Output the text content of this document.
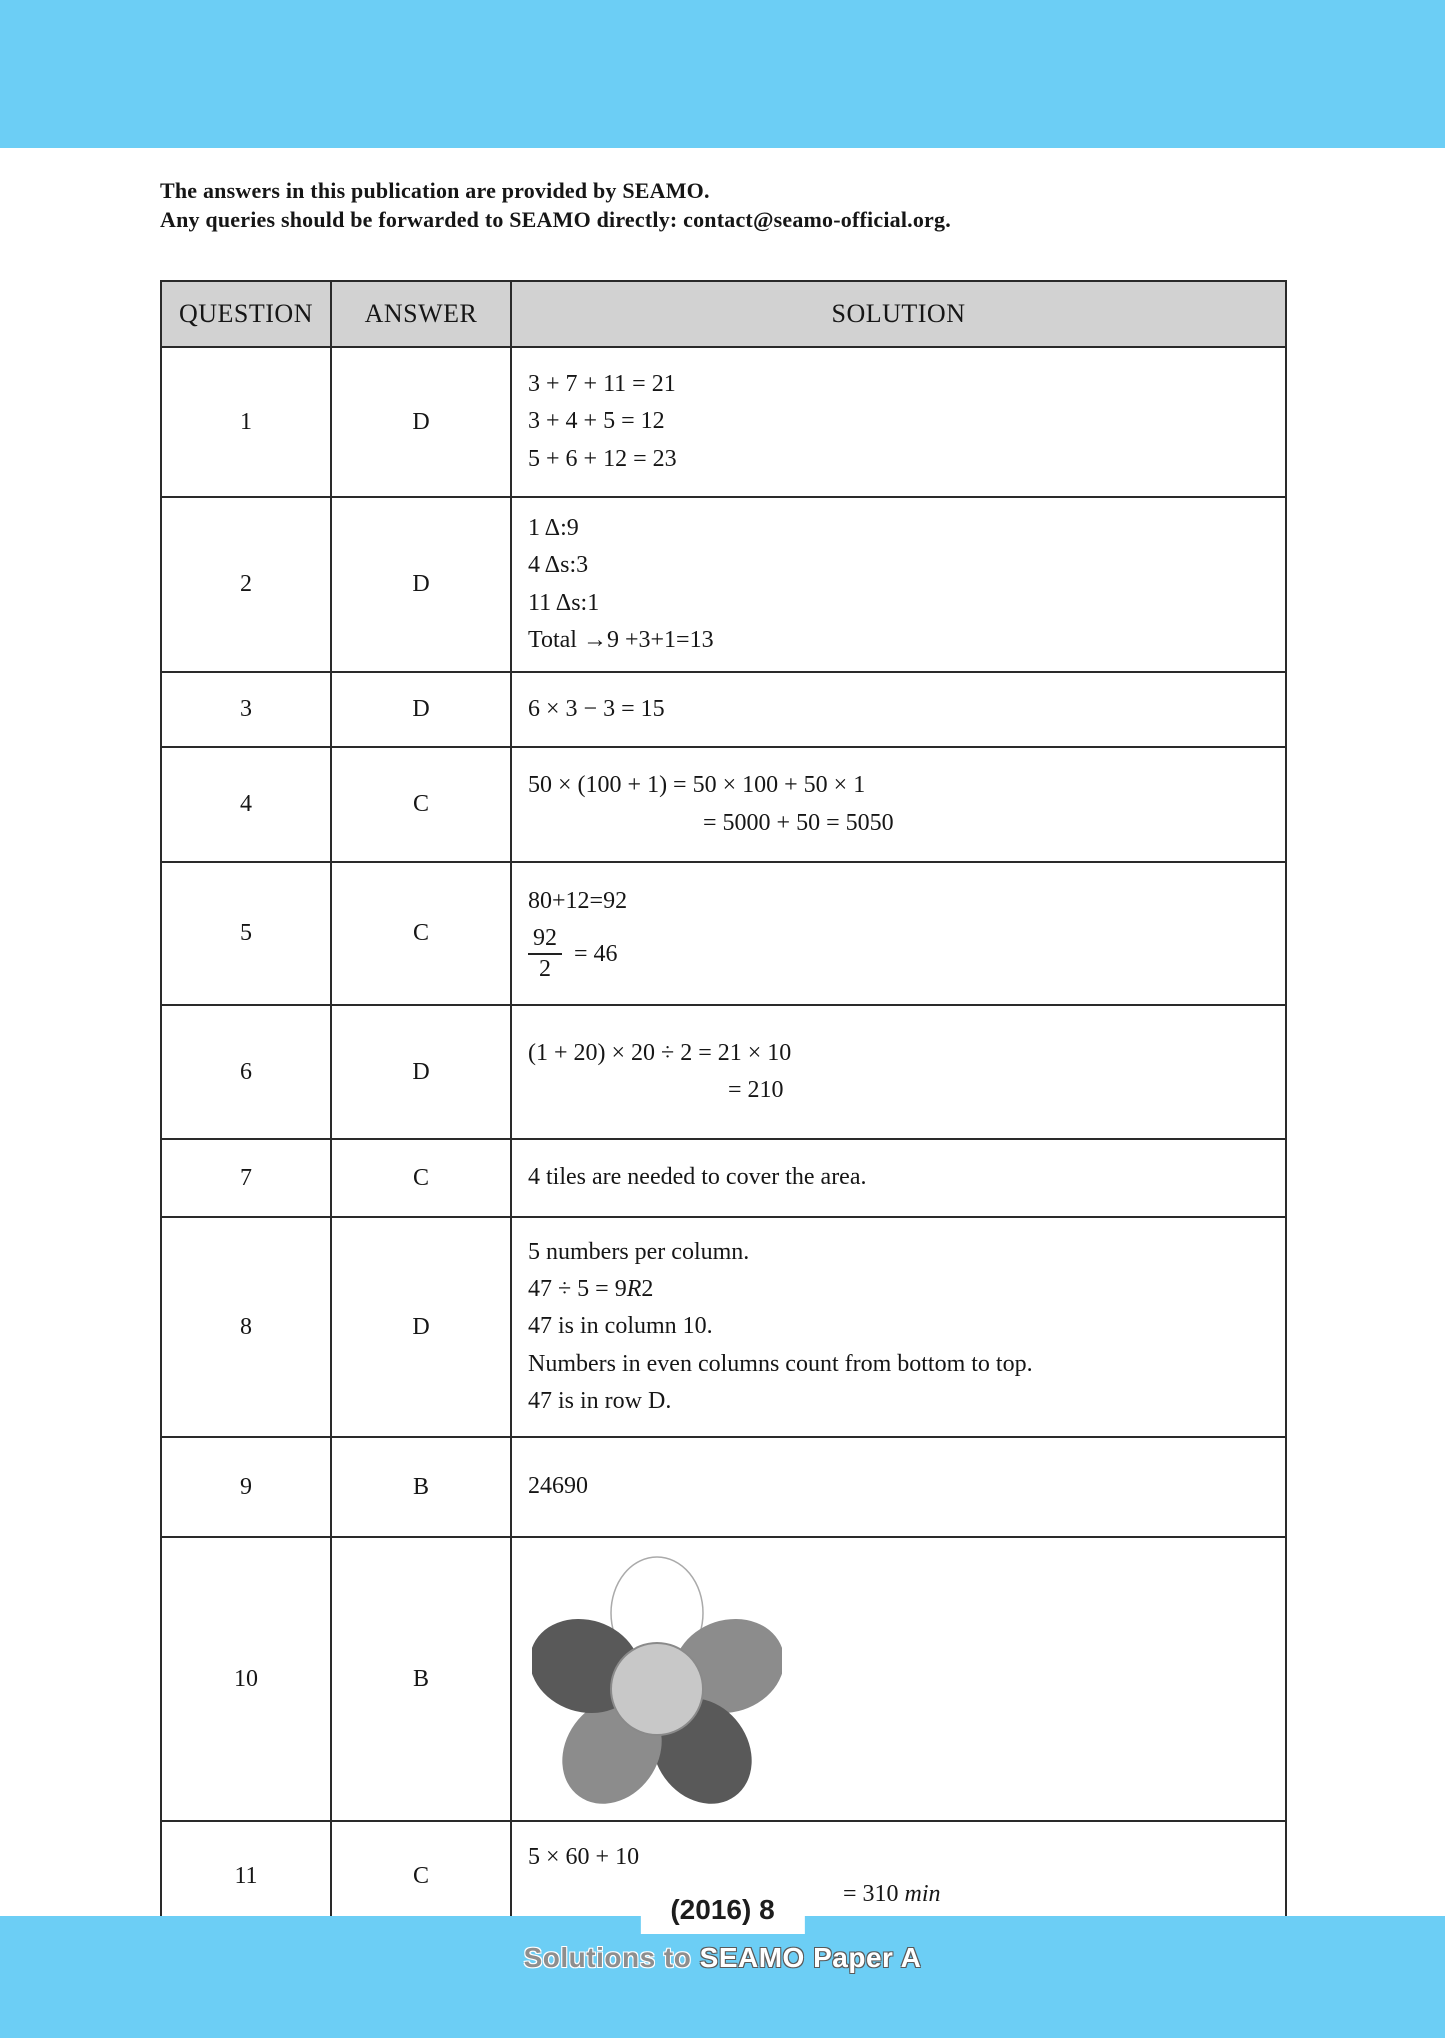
The answers in this publication are provided by SEAMO.
Any queries should be forwarded to SEAMO directly: contact@seamo-official.org.
QUESTION	ANSWER	SOLUTION
1	D	3 + 7 + 11 = 21
3 + 4 + 5 = 12
5 + 6 + 12 = 23

2	D	1 Δ:9
4 Δs:3
11 Δs:1
Total →9 +3+1=13

3	D	6 × 3 − 3 = 15

4	C	50 × (100 + 1) = 50 × 100 + 50 × 1
= 5000 + 50 = 5050

5	C	80+12=92
$\frac{92}{2} = 46$

6	D	(1 + 20) × 20 ÷ 2 = 21 × 10
= 210

7	C	4 tiles are needed to cover the area.

8	D	5 numbers per column.
47 ÷ 5 = 9R2
47 is in column 10.
Numbers in even columns count from bottom to top.
47 is in row D.

9	B	24690

10	B	

11	C	5 × 60 + 10
= 310 min
(2016) 8
Solutions to SEAMO Paper A
